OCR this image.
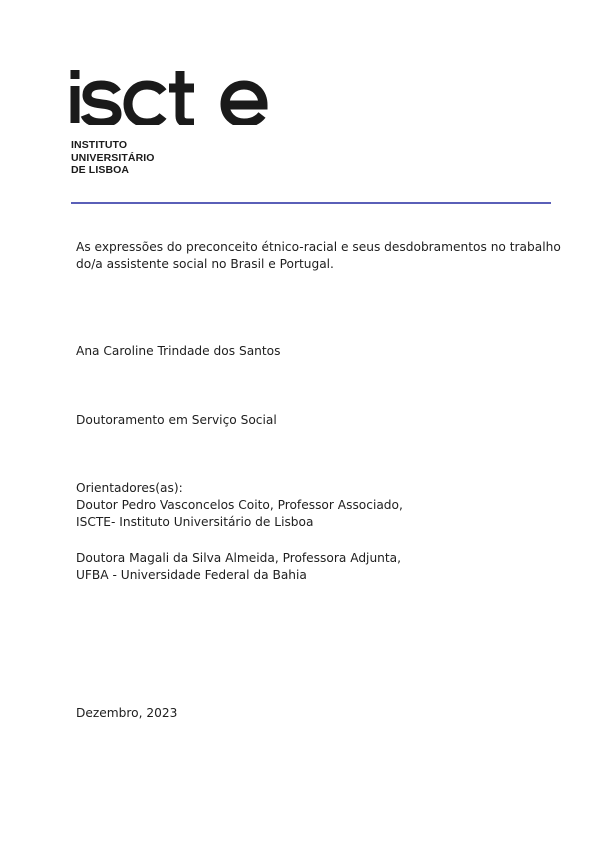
INSTITUTO
UNIVERSITÁRIO
DE LISBOA
As expressões do preconceito étnico-racial e seus desdobramentos no trabalho
do/a assistente social no Brasil e Portugal.
Ana Caroline Trindade dos Santos
Doutoramento em Serviço Social
Orientadores(as):
Doutor Pedro Vasconcelos Coito, Professor Associado,
ISCTE- Instituto Universitário de Lisboa
Doutora Magali da Silva Almeida, Professora Adjunta,
UFBA - Universidade Federal da Bahia
Dezembro, 2023
